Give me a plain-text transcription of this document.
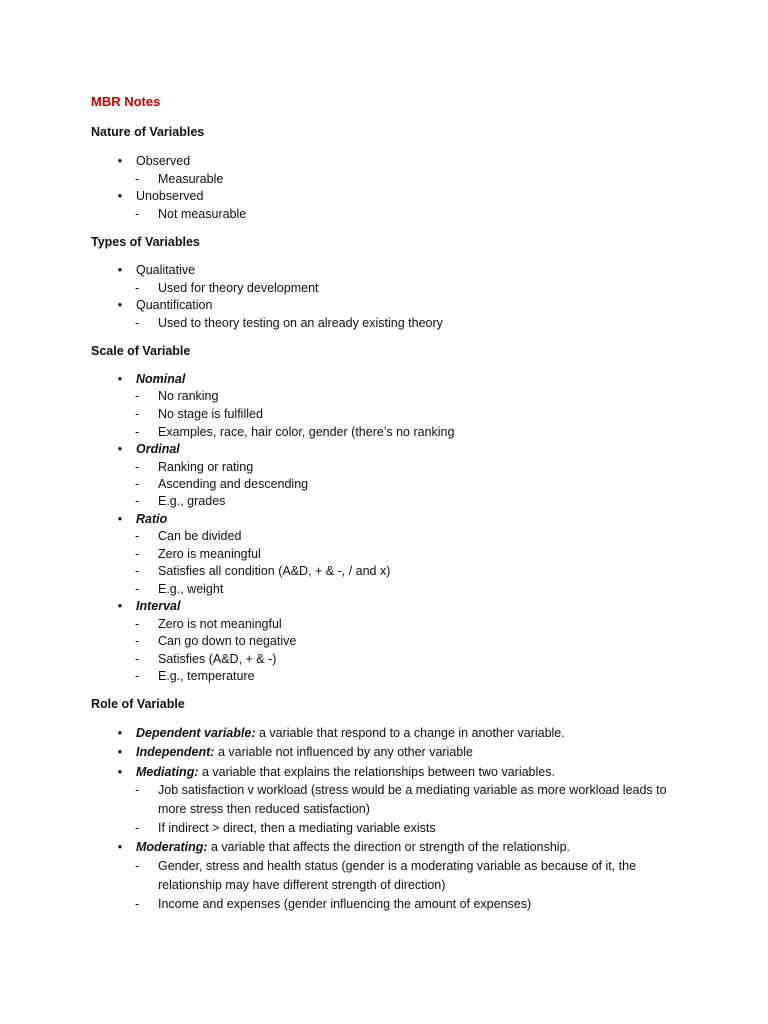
MBR Notes
Nature of Variables
•	Observed
- Measurable
•	Unobserved
- Not measurable
Types of Variables
•	Qualitative
- Used for theory development
•	Quantification
- Used to theory testing on an already existing theory
Scale of Variable
•	Nominal
- No ranking
- No stage is fulfilled
- Examples, race, hair color, gender (there’s no ranking
•	Ordinal
- Ranking or rating
- Ascending and descending
- E.g., grades
•	Ratio
- Can be divided
- Zero is meaningful
- Satisfies all condition (A&D, + & -, / and x)
- E.g., weight
•	Interval
- Zero is not meaningful
- Can go down to negative
- Satisfies (A&D, + & -)
- E.g., temperature
Role of Variable
•	Dependent variable: a variable that respond to a change in another variable.
•	Independent: a variable not influenced by any other variable
•	Mediating: a variable that explains the relationships between two variables.
- Job satisfaction v workload (stress would be a mediating variable as more workload leads to
more stress then reduced satisfaction)
- If indirect > direct, then a mediating variable exists
•	Moderating: a variable that affects the direction or strength of the relationship.
- Gender, stress and health status (gender is a moderating variable as because of it, the
relationship may have different strength of direction)
- Income and expenses (gender influencing the amount of expenses)
